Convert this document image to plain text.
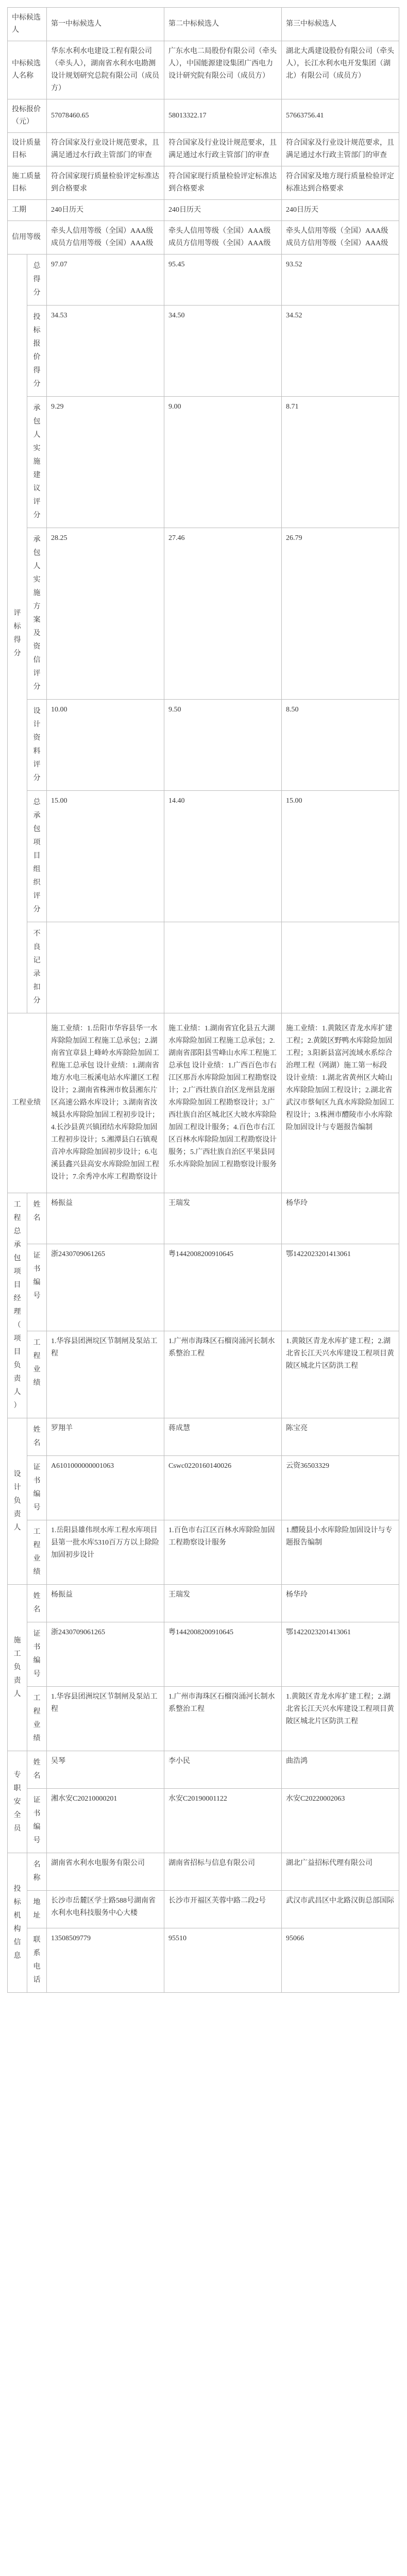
中标候选人		第一中标候选人	第二中标候选人	第三中标候选人
中标候选人名称		华东水利水电建设工程有限公司（牵头人），湖南省水利水电勘测设计规划研究总院有限公司（成员方）	广东水电二局股份有限公司（牵头人），中国能源建设集团广西电力设计研究院有限公司（成员方）	湖北大禹建设股份有限公司（牵头人），长江水利水电开发集团（湖北）有限公司（成员方）
投标报价（元）		57078460.65	58013322.17	57663756.41
设计质量目标		符合国家及行业设计规范要求，且满足通过水行政主管部门的审查	符合国家及行业设计规范要求，且满足通过水行政主管部门的审查	符合国家及行业设计规范要求，且满足通过水行政主管部门的审查
施工质量目标		符合国家现行质量检验评定标准达到合格要求	符合国家现行质量检验评定标准达到合格要求	符合国家及地方现行质量检验评定标准达到合格要求
工期		240日历天	240日历天	240日历天
信用等级		牵头人信用等级（全国）AAA级成员方信用等级（全国）AAA级	牵头人信用等级（全国）AAA级成员方信用等级（全国）AAA级	牵头人信用等级（全国）AAA级成员方信用等级（全国）AAA级

评标得分	总得分	97.07	95.45	93.52

	投标报价得分	34.53	34.50	34.52

	承包人实施建议评分	9.29	9.00	8.71

	承包人实施方案及资信评分	28.25	27.46	26.79

	设计资料评分	10.00	9.50	8.50

	总承包项目组织评分	15.00	14.40	15.00

	不良记录扣分			

工程业绩		施工业绩：1.岳阳市华容县华一水库除险加固工程施工总承包；2.湖南省宜章县上峰岭水库除险加固工程施工总承包 设计业绩：1.湖南省地方水电三板溪电站水库灌区工程设计；2.湖南省株洲市攸县湘东片区高速公路水库设计；3.湖南省汝城县水库除险加固工程初步设计；4.长沙县黄兴镇团结水库除险加固工程初步设计；5.湘潭县白石镇观音冲水库除险加固初步设计；6.屯溪县鑫兴县高安水库除险加固工程设计；7.余秀冲水库工程勘察设计	施工业绩：1.湖南省宜化县五大湖水库除险加固工程施工总承包；2.湖南省邵阳县雪峰山水库工程施工总承包 设计业绩：1.广西百色市右江区那吾水库除险加固工程勘察设计；2.广西壮族自治区龙州县龙丽水库除险加固工程勘察设计；3.广西壮族自治区城北区大坡水库除险加固工程设计服务；4.百色市右江区百林水库除险加固工程勘察设计服务；5.广西壮族自治区平果县同乐水库除险加固工程勘察设计服务	施工业绩：1.黄陂区青龙水库扩建工程；2.黄陂区野鸭水库除险加固工程；3.阳新县富河流域水系综合治理工程（网湖）施工第一标段 设计业绩：1.湖北省黄州区大崎山水库除险加固工程设计；2.湖北省武汉市蔡甸区九真水库除险加固工程设计；3.株洲市醴陵市小水库除险加固设计与专题报告编制

工程总承包项目经理（项目负责人）	姓名	杨振益	王瑞发	杨华玲

	证书编号	浙2430709061265	粤1442008200910645	鄂1422023201413061

	工程业绩	1.华容县团洲垸区节制闸及泵站工程	1.广州市海珠区石榴岗涌河长制水系整治工程	1.黄陂区青龙水库扩建工程；2.湖北省长江天兴水库建设工程项目黄陂区城北片区防洪工程

设计负责人	姓名	罗翔羊	蒋成慧	陈宝亮

	证书编号	A6101000000001063	Cswc0220160140026	云资36503329

	工程业绩	1.岳阳县雄伟坝水库工程水库项目县第一批水库5310百万方以上除险加固初步设计	1.百色市右江区百林水库除险加固工程勘察设计服务	1.醴陵县小水库除险加固设计与专题报告编制

施工负责人	姓名	杨振益	王瑞发	杨华玲

	证书编号	浙2430709061265	粤1442008200910645	鄂1422023201413061

	工程业绩	1.华容县团洲垸区节制闸及泵站工程	1.广州市海珠区石榴岗涌河长制水系整治工程	1.黄陂区青龙水库扩建工程；2.湖北省长江天兴水库建设工程项目黄陂区城北片区防洪工程

专职安全员	姓名	吴琴	李小民	曲浩鸿

	证书编号	湘水安C20210000201	水安C20190001122	水安C20220002063

投标机构信息	名称	湖南省水利水电服务有限公司	湖南省招标与信息有限公司	湖北广益招标代理有限公司

	地址	长沙市岳麓区学士路588号湖南省水利水电科技服务中心大楼	长沙市开福区芙蓉中路二段2号	武汉市武昌区中北路汉街总部国际

	联系电话	13508509779	95510	95066
